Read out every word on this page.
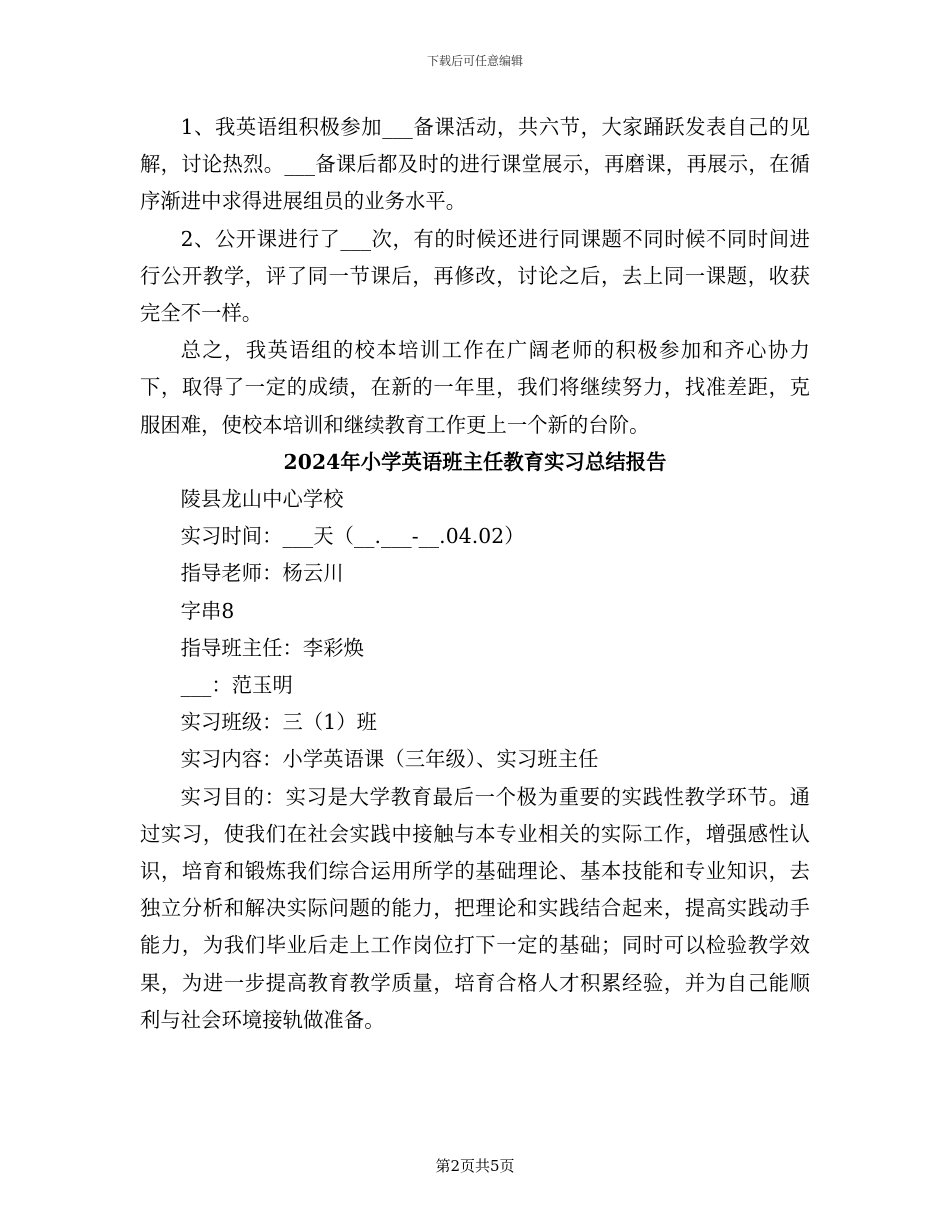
下载后可任意编辑

1、我英语组积极参加___备课活动，共六节，大家踊跃发表自己的见解，讨论热烈。___备课后都及时的进行课堂展示，再磨课，再展示，在循序渐进中求得进展组员的业务水平。

2、公开课进行了___次，有的时候还进行同课题不同时候不同时间进行公开教学，评了同一节课后，再修改，讨论之后，去上同一课题，收获完全不一样。

总之，我英语组的校本培训工作在广阔老师的积极参加和齐心协力下，取得了一定的成绩，在新的一年里，我们将继续努力，找准差距，克服困难，使校本培训和继续教育工作更上一个新的台阶。

2024年小学英语班主任教育实习总结报告

陵县龙山中心学校

实习时间：___天（__.___-__.04.02）

指导老师：杨云川

字串8

指导班主任：李彩焕

___：范玉明

实习班级：三（1）班

实习内容：小学英语课（三年级）、实习班主任

实习目的：实习是大学教育最后一个极为重要的实践性教学环节。通过实习，使我们在社会实践中接触与本专业相关的实际工作，增强感性认识，培育和锻炼我们综合运用所学的基础理论、基本技能和专业知识，去独立分析和解决实际问题的能力，把理论和实践结合起来，提高实践动手能力，为我们毕业后走上工作岗位打下一定的基础；同时可以检验教学效果，为进一步提高教育教学质量，培育合格人才积累经验，并为自己能顺利与社会环境接轨做准备。

第2页共5页
